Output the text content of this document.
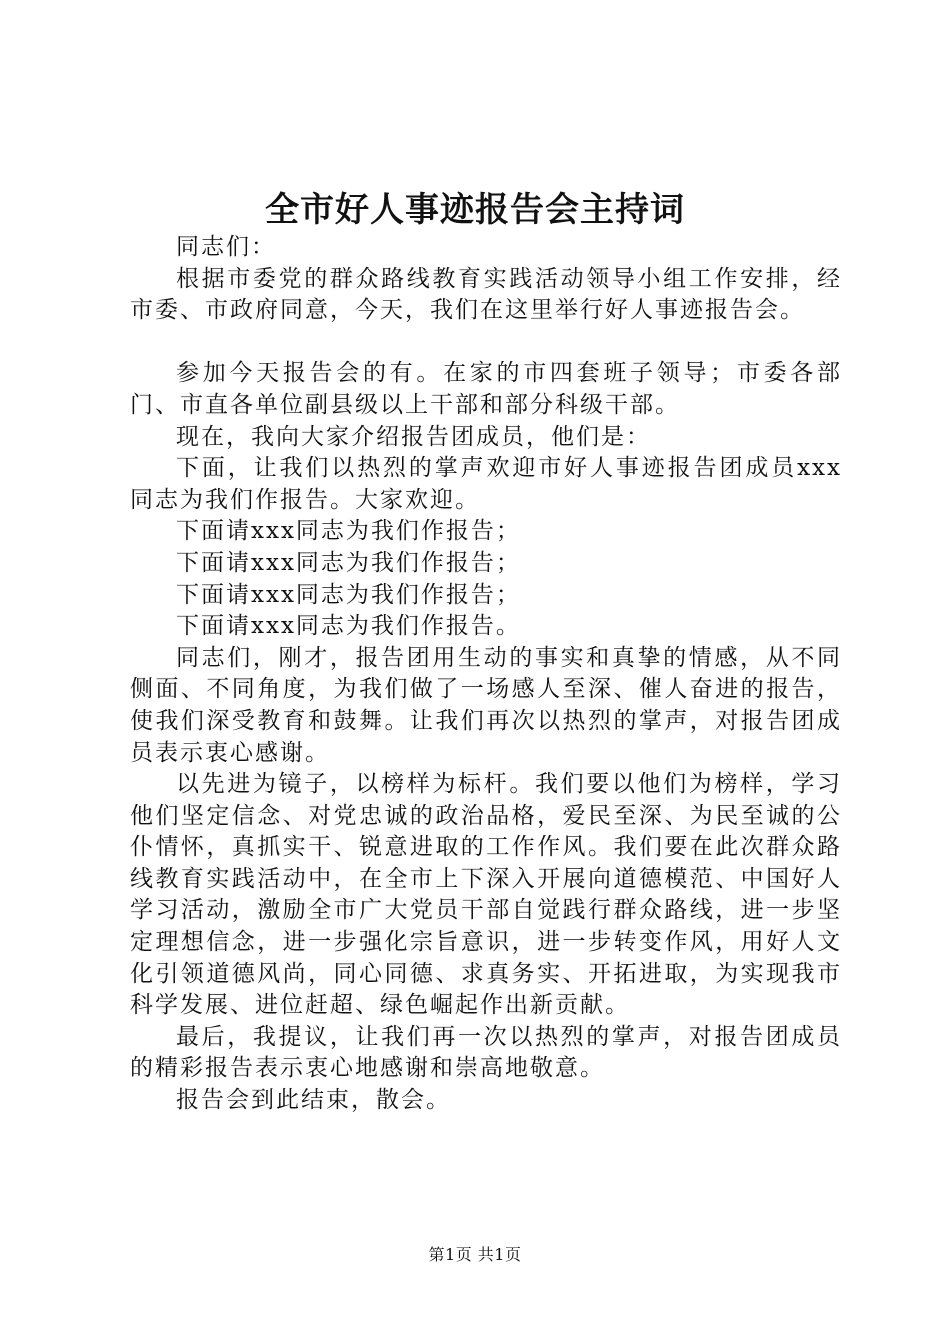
全市好人事迹报告会主持词

同志们：

根据市委党的群众路线教育实践活动领导小组工作安排，经市委、市政府同意，今天，我们在这里举行好人事迹报告会。

参加今天报告会的有。在家的市四套班子领导；市委各部门、市直各单位副县级以上干部和部分科级干部。

现在，我向大家介绍报告团成员，他们是：

下面，让我们以热烈的掌声欢迎市好人事迹报告团成员xxx同志为我们作报告。大家欢迎。

下面请xxx同志为我们作报告；

下面请xxx同志为我们作报告；

下面请xxx同志为我们作报告；

下面请xxx同志为我们作报告。

同志们，刚才，报告团用生动的事实和真挚的情感，从不同侧面、不同角度，为我们做了一场感人至深、催人奋进的报告，使我们深受教育和鼓舞。让我们再次以热烈的掌声，对报告团成员表示衷心感谢。

以先进为镜子，以榜样为标杆。我们要以他们为榜样，学习他们坚定信念、对党忠诚的政治品格，爱民至深、为民至诚的公仆情怀，真抓实干、锐意进取的工作作风。我们要在此次群众路线教育实践活动中，在全市上下深入开展向道德模范、中国好人学习活动，激励全市广大党员干部自觉践行群众路线，进一步坚定理想信念，进一步强化宗旨意识，进一步转变作风，用好人文化引领道德风尚，同心同德、求真务实、开拓进取，为实现我市科学发展、进位赶超、绿色崛起作出新贡献。

最后，我提议，让我们再一次以热烈的掌声，对报告团成员的精彩报告表示衷心地感谢和崇高地敬意。

报告会到此结束，散会。

第1页 共1页
